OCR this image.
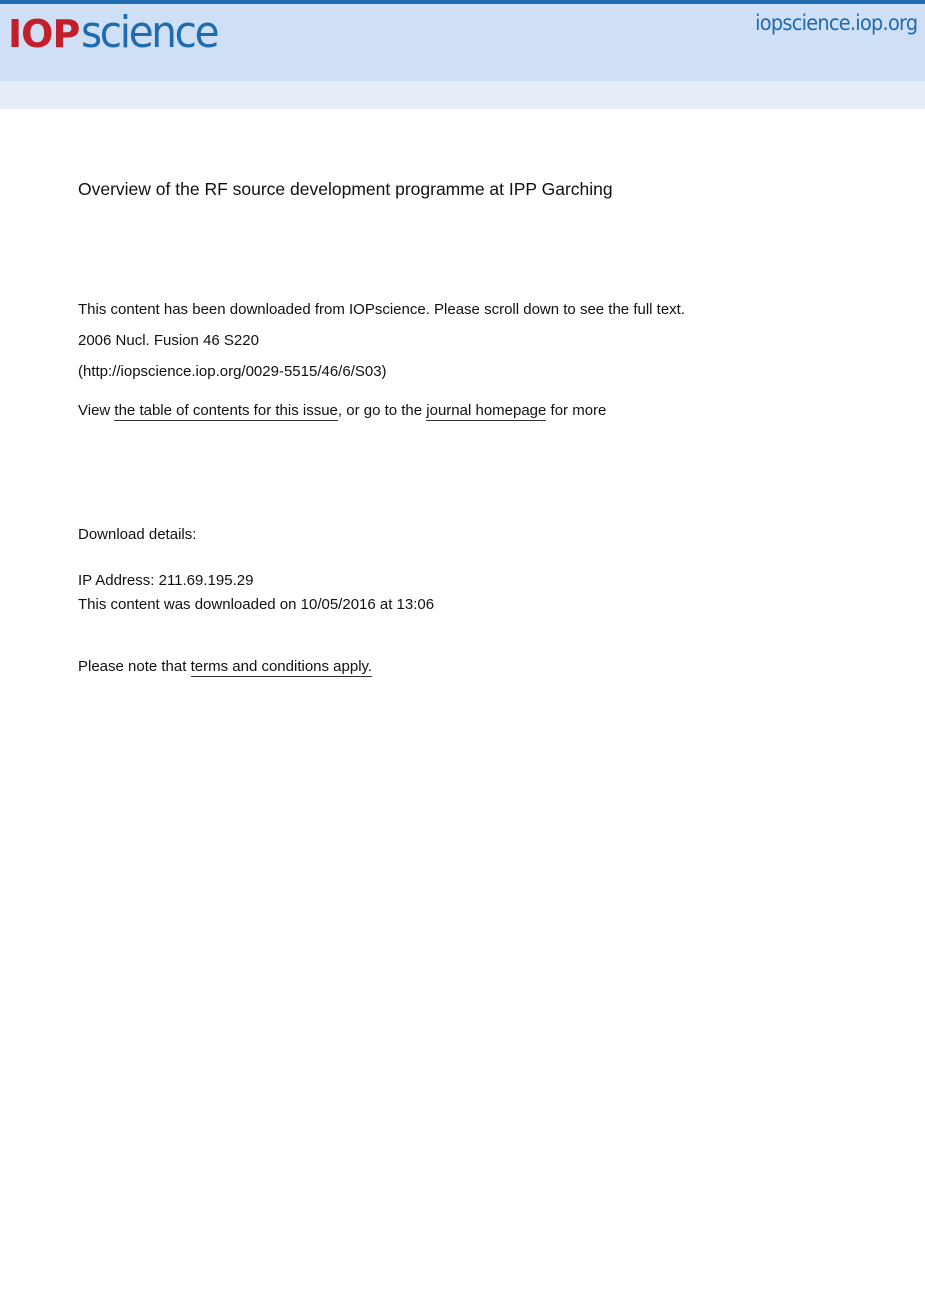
IOP science	iopscience.iop.org
Overview of the RF source development programme at IPP Garching
This content has been downloaded from IOPscience. Please scroll down to see the full text.
2006 Nucl. Fusion 46 S220
(http://iopscience.iop.org/0029-5515/46/6/S03)
View the table of contents for this issue, or go to the journal homepage for more
Download details:
IP Address: 211.69.195.29
This content was downloaded on 10/05/2016 at 13:06
Please note that terms and conditions apply.
